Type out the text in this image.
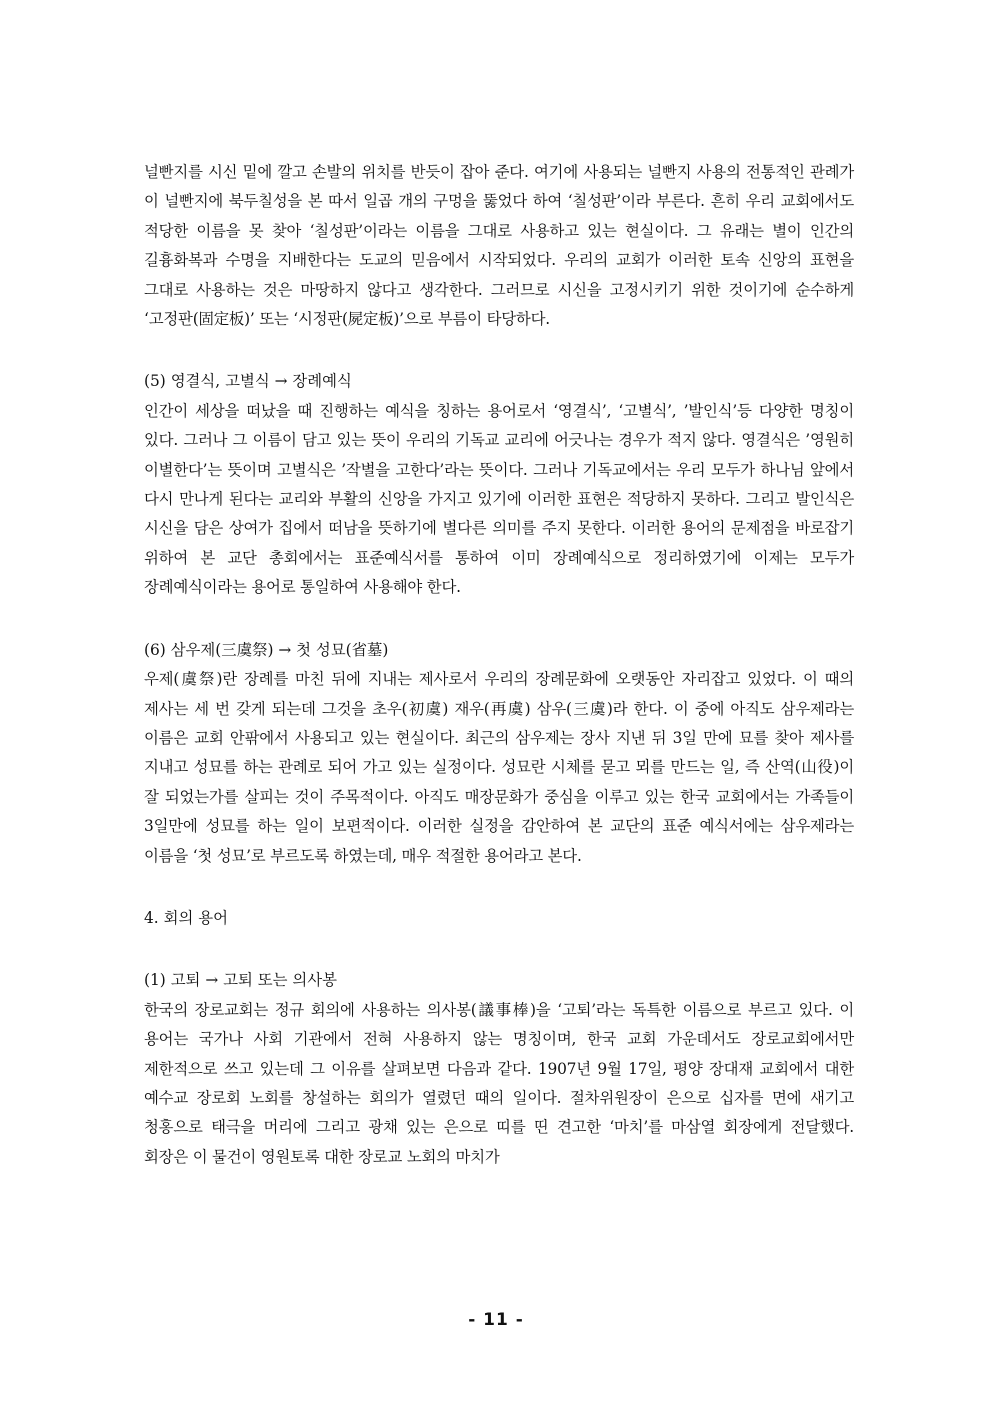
널빤지를 시신 밑에 깔고 손발의 위치를 반듯이 잡아 준다. 여기에 사용되는 널빤지 사용의 전통적인 관례가 이 널빤지에 북두칠성을 본 따서 일곱 개의 구멍을 뚫었다 하여 ‘칠성판’이라 부른다. 흔히 우리 교회에서도 적당한 이름을 못 찾아 ‘칠성판’이라는 이름을 그대로 사용하고 있는 현실이다. 그 유래는 별이 인간의 길흉화복과 수명을 지배한다는 도교의 믿음에서 시작되었다. 우리의 교회가 이러한 토속 신앙의 표현을 그대로 사용하는 것은 마땅하지 않다고 생각한다. 그러므로 시신을 고정시키기 위한 것이기에 순수하게 ‘고정판(固定板)’ 또는 ‘시정판(屍定板)’으로 부름이 타당하다.

(5) 영결식, 고별식 → 장례예식

인간이 세상을 떠났을 때 진행하는 예식을 칭하는 용어로서 ‘영결식’, ‘고별식’, ’발인식’등 다양한 명칭이 있다. 그러나 그 이름이 담고 있는 뜻이 우리의 기독교 교리에 어긋나는 경우가 적지 않다. 영결식은 ’영원히 이별한다’는 뜻이며 고별식은 ’작별을 고한다’라는 뜻이다. 그러나 기독교에서는 우리 모두가 하나님 앞에서 다시 만나게 된다는 교리와 부활의 신앙을 가지고 있기에 이러한 표현은 적당하지 못하다. 그리고 발인식은 시신을 담은 상여가 집에서 떠남을 뜻하기에 별다른 의미를 주지 못한다. 이러한 용어의 문제점을 바로잡기 위하여 본 교단 총회에서는 표준예식서를 통하여 이미 장례예식으로 정리하였기에 이제는 모두가 장례예식이라는 용어로 통일하여 사용해야 한다.

(6) 삼우제(三虞祭) → 첫 성묘(省墓)

우제(虞祭)란 장례를 마친 뒤에 지내는 제사로서 우리의 장례문화에 오랫동안 자리잡고 있었다. 이 때의 제사는 세 번 갖게 되는데 그것을 초우(初虞) 재우(再虞) 삼우(三虞)라 한다. 이 중에 아직도 삼우제라는 이름은 교회 안팎에서 사용되고 있는 현실이다. 최근의 삼우제는 장사 지낸 뒤 3일 만에 묘를 찾아 제사를 지내고 성묘를 하는 관례로 되어 가고 있는 실정이다. 성묘란 시체를 묻고 뫼를 만드는 일, 즉 산역(山役)이 잘 되었는가를 살피는 것이 주목적이다. 아직도 매장문화가 중심을 이루고 있는 한국 교회에서는 가족들이 3일만에 성묘를 하는 일이 보편적이다. 이러한 실정을 감안하여 본 교단의 표준 예식서에는 삼우제라는 이름을 ‘첫 성묘’로 부르도록 하였는데, 매우 적절한 용어라고 본다.

4. 회의 용어

(1) 고퇴 → 고퇴 또는 의사봉

한국의 장로교회는 정규 회의에 사용하는 의사봉(議事棒)을 ‘고퇴’라는 독특한 이름으로 부르고 있다. 이 용어는 국가나 사회 기관에서 전혀 사용하지 않는 명칭이며, 한국 교회 가운데서도 장로교회에서만 제한적으로 쓰고 있는데 그 이유를 살펴보면 다음과 같다. 1907년 9월 17일, 평양 장대재 교회에서 대한 예수교 장로회 노회를 창설하는 회의가 열렸던 때의 일이다. 절차위원장이 은으로 십자를 면에 새기고 청홍으로 태극을 머리에 그리고 광채 있는 은으로 띠를 띤 견고한 ‘마치’를 마삼열 회장에게 전달했다. 회장은 이 물건이 영원토록 대한 장로교 노회의 마치가

- 11 -
